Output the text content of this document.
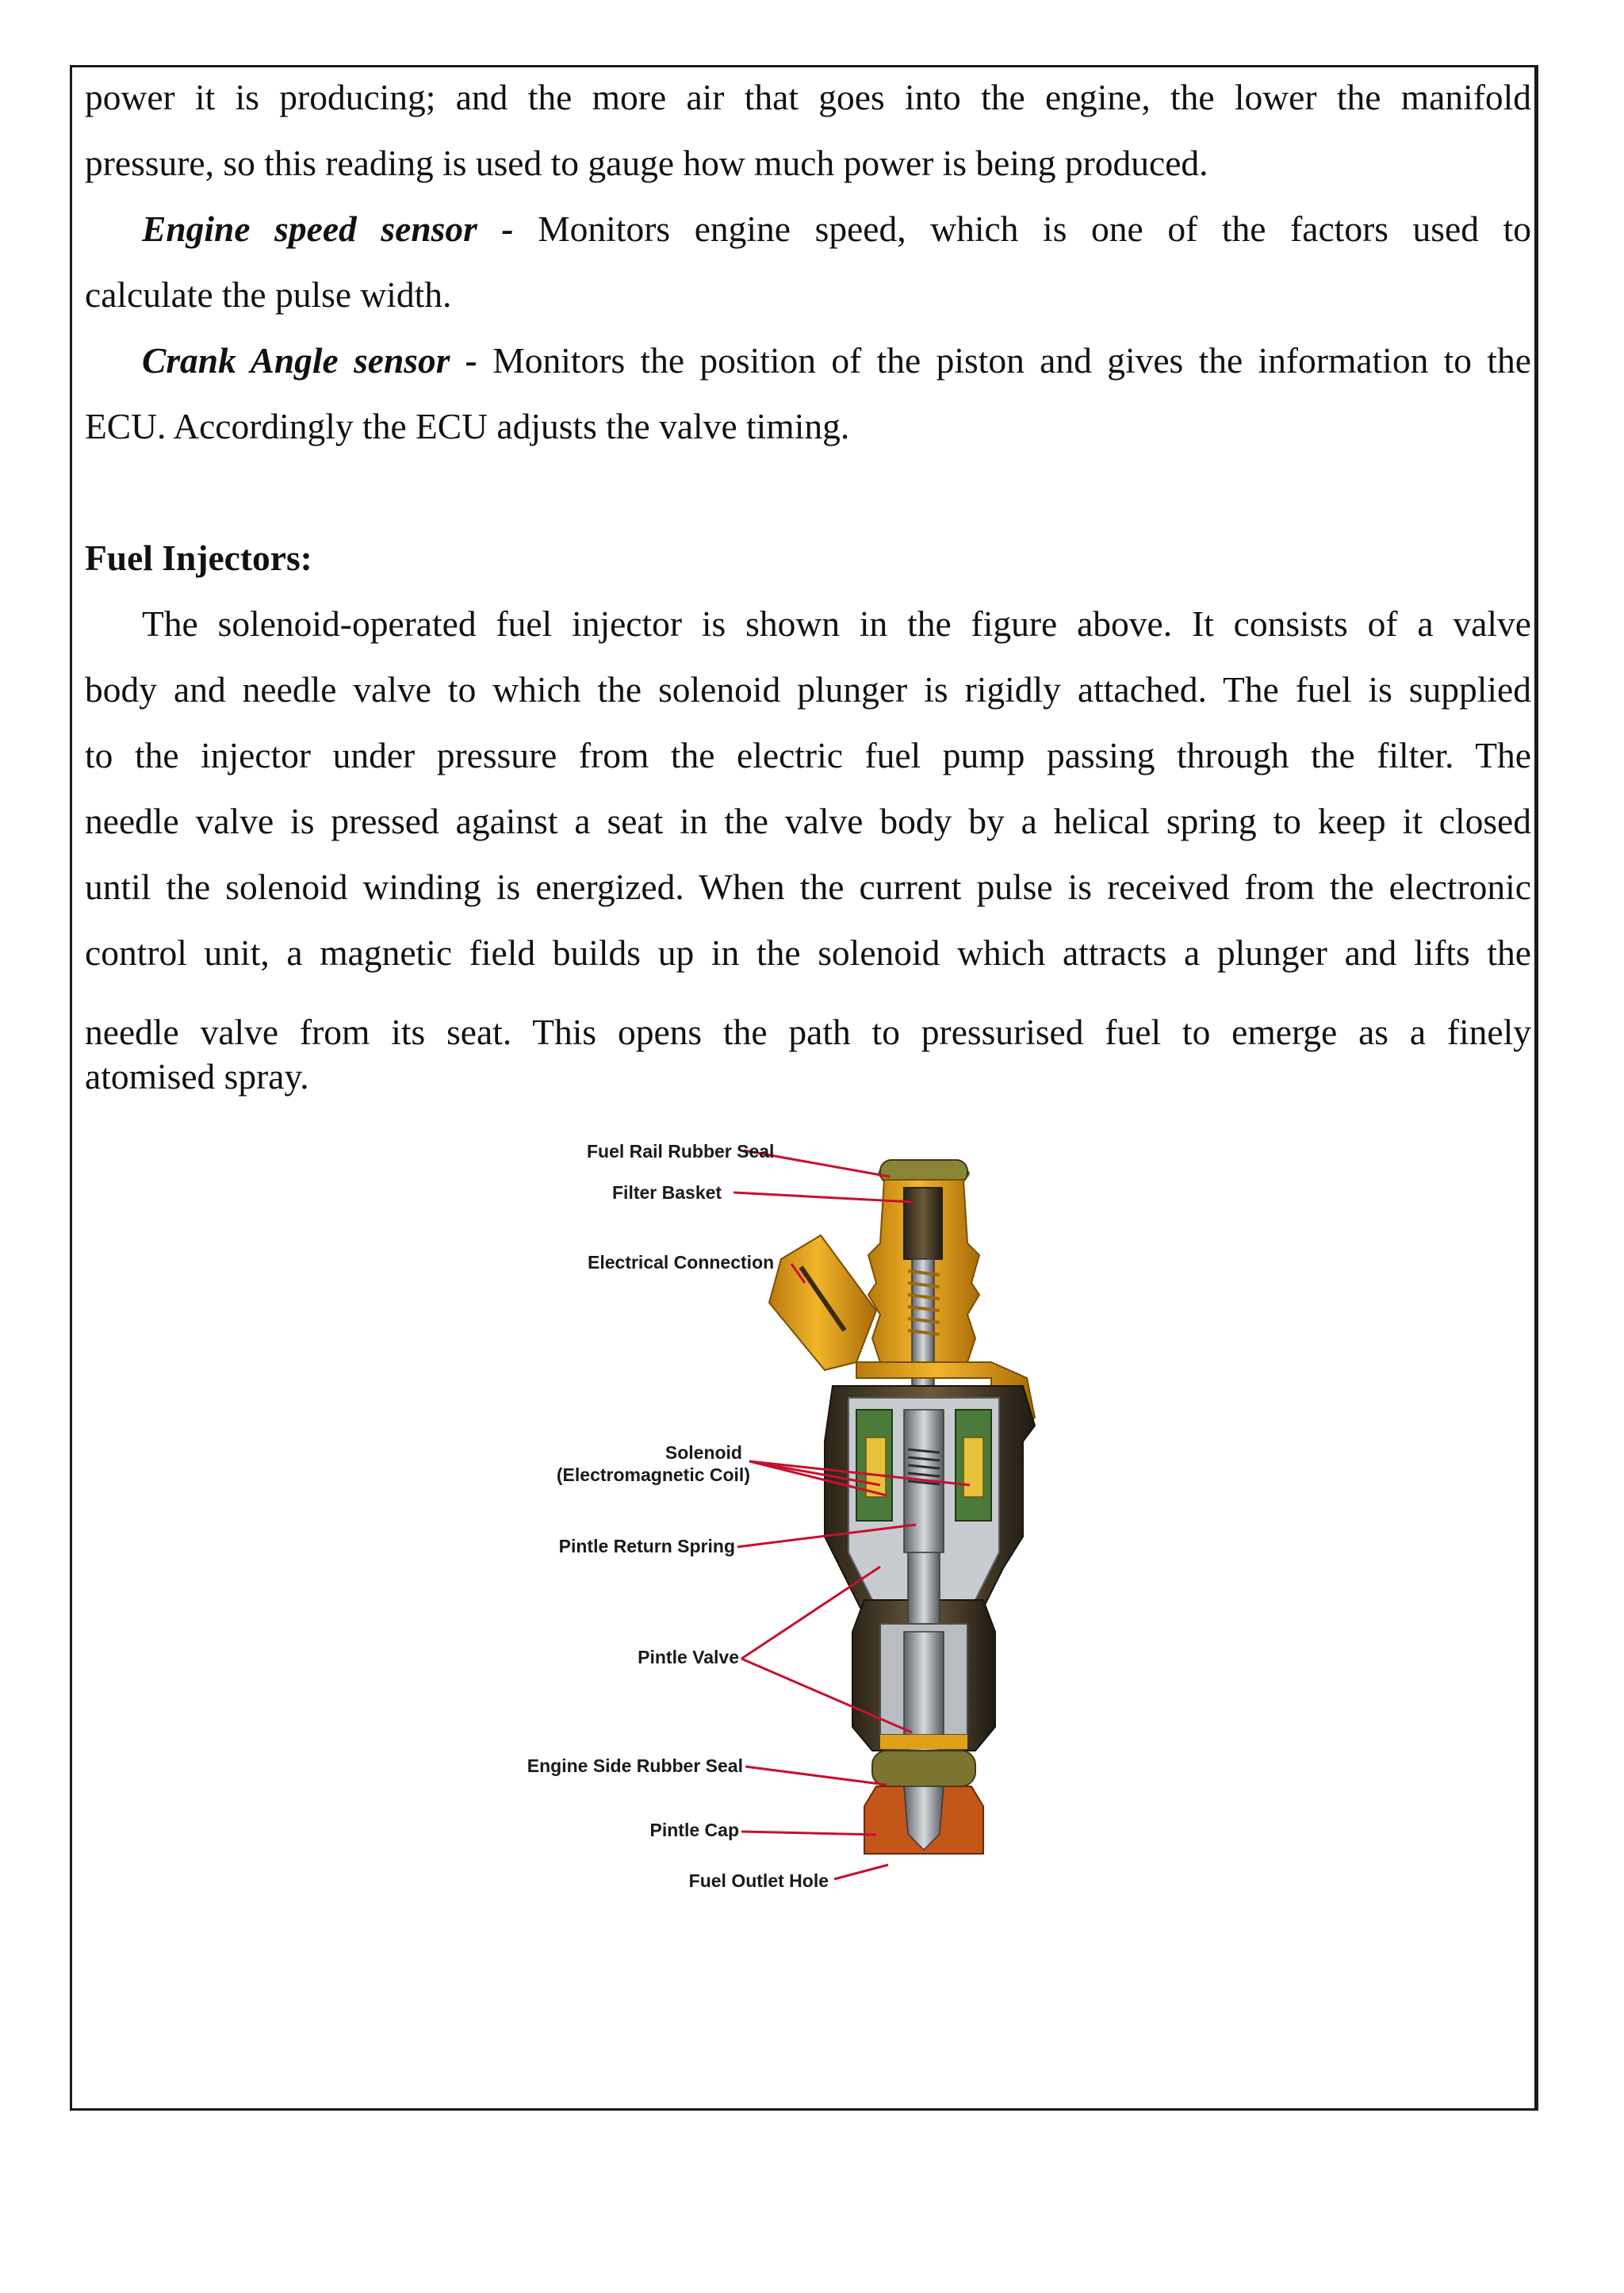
power it is producing; and the more air that goes into the engine, the lower the manifold

pressure, so this reading is used to gauge how much power is being produced.

Engine speed sensor - Monitors engine speed, which is one of the factors used to

calculate the pulse width.

Crank Angle sensor - Monitors the position of the piston and gives the information to the

ECU. Accordingly the ECU adjusts the valve timing.

Fuel Injectors:

The solenoid-operated fuel injector is shown in the figure above. It consists of a valve

body and needle valve to which the solenoid plunger is rigidly attached. The fuel is supplied

to the injector under pressure from the electric fuel pump passing through the filter. The

needle valve is pressed against a seat in the valve body by a helical spring to keep it closed

until the solenoid winding is energized. When the current pulse is received from the electronic

control unit, a magnetic field builds up in the solenoid which attracts a plunger and lifts the

needle valve from its seat. This opens the path to pressurised fuel to emerge as a finely

atomised spray.

Fuel Rail Rubber Seal
Filter Basket
Electrical Connection
Solenoid
(Electromagnetic Coil)
Pintle Return Spring
Pintle Valve
Engine Side Rubber Seal
Pintle Cap
Fuel Outlet Hole
